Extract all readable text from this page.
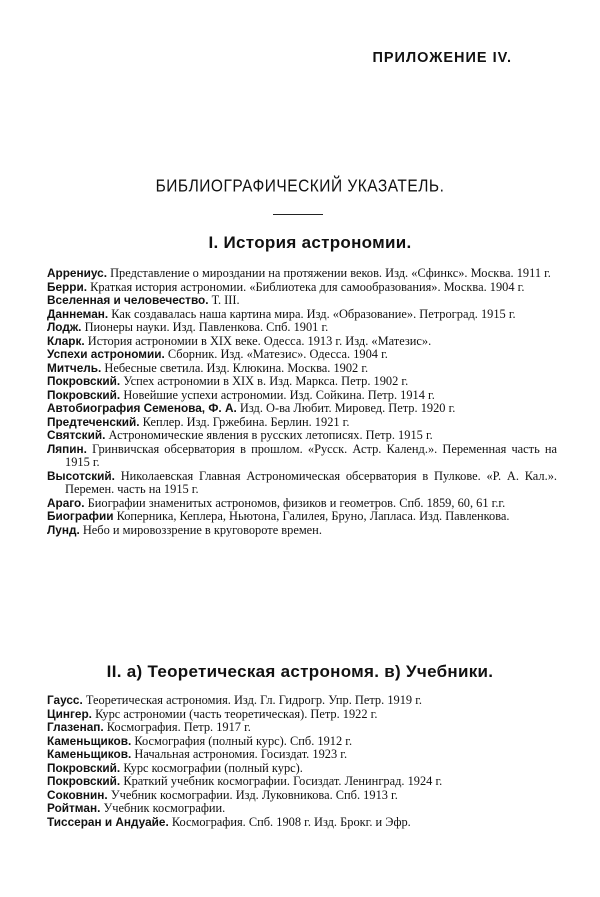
ПРИЛОЖЕНИЕ IV.
БИБЛИОГРАФИЧЕСКИЙ УКАЗАТЕЛЬ.
I. История астрономии.
Аррениус. Представление о мироздании на протяжении веков. Изд. «Сфинкс». Москва. 1911 г.
Берри. Краткая история астрономии. «Библиотека для самообразования». Москва. 1904 г.
Вселенная и человечество. Т. III.
Даннеман. Как создавалась наша картина мира. Изд. «Образование». Петроград. 1915 г.
Лодж. Пионеры науки. Изд. Павленкова. Спб. 1901 г.
Кларк. История астрономии в XIX веке. Одесса. 1913 г. Изд. «Матезис».
Успехи астрономии. Сборник. Изд. «Матезис». Одесса. 1904 г.
Митчель. Небесные светила. Изд. Клюкина. Москва. 1902 г.
Покровский. Успех астрономии в XIX в. Изд. Маркса. Петр. 1902 г.
Покровский. Новейшие успехи астрономии. Изд. Сойкина. Петр. 1914 г.
Автобиография Семенова, Ф. А. Изд. О-ва Любит. Мировед. Петр. 1920 г.
Предтеченский. Кеплер. Изд. Гржебина. Берлин. 1921 г.
Святский. Астрономические явления в русских летописях. Петр. 1915 г.
Ляпин. Гринвичская обсерватория в прошлом. «Русск. Астр. Календ.». Переменная часть на 1915 г.
Высотский. Николаевская Главная Астрономическая обсерватория в Пулкове. «Р. А. Кал.». Перемен. часть на 1915 г.
Араго. Биографии знаменитых астрономов, физиков и геометров. Спб. 1859, 60, 61 г.г.
Биографии Коперника, Кеплера, Ньютона, Галилея, Бруно, Лапласа. Изд. Павленкова.
Лунд. Небо и мировоззрение в круговороте времен.
II. а) Теоретическая астрономя. в) Учебники.
Гаусс. Теоретическая астрономия. Изд. Гл. Гидрогр. Упр. Петр. 1919 г.
Цингер. Курс астрономии (часть теоретическая). Петр. 1922 г.
Глазенап. Космография. Петр. 1917 г.
Каменьщиков. Космография (полный курс). Спб. 1912 г.
Каменьщиков. Начальная астрономия. Госиздат. 1923 г.
Покровский. Курс космографии (полный курс).
Покровский. Краткий учебник космографии. Госиздат. Ленинград. 1924 г.
Соковнин. Учебник космографии. Изд. Луковникова. Спб. 1913 г.
Ройтман. Учебник космографии.
Тиссеран и Андуайе. Космография. Спб. 1908 г. Изд. Брокг. и Эфр.
